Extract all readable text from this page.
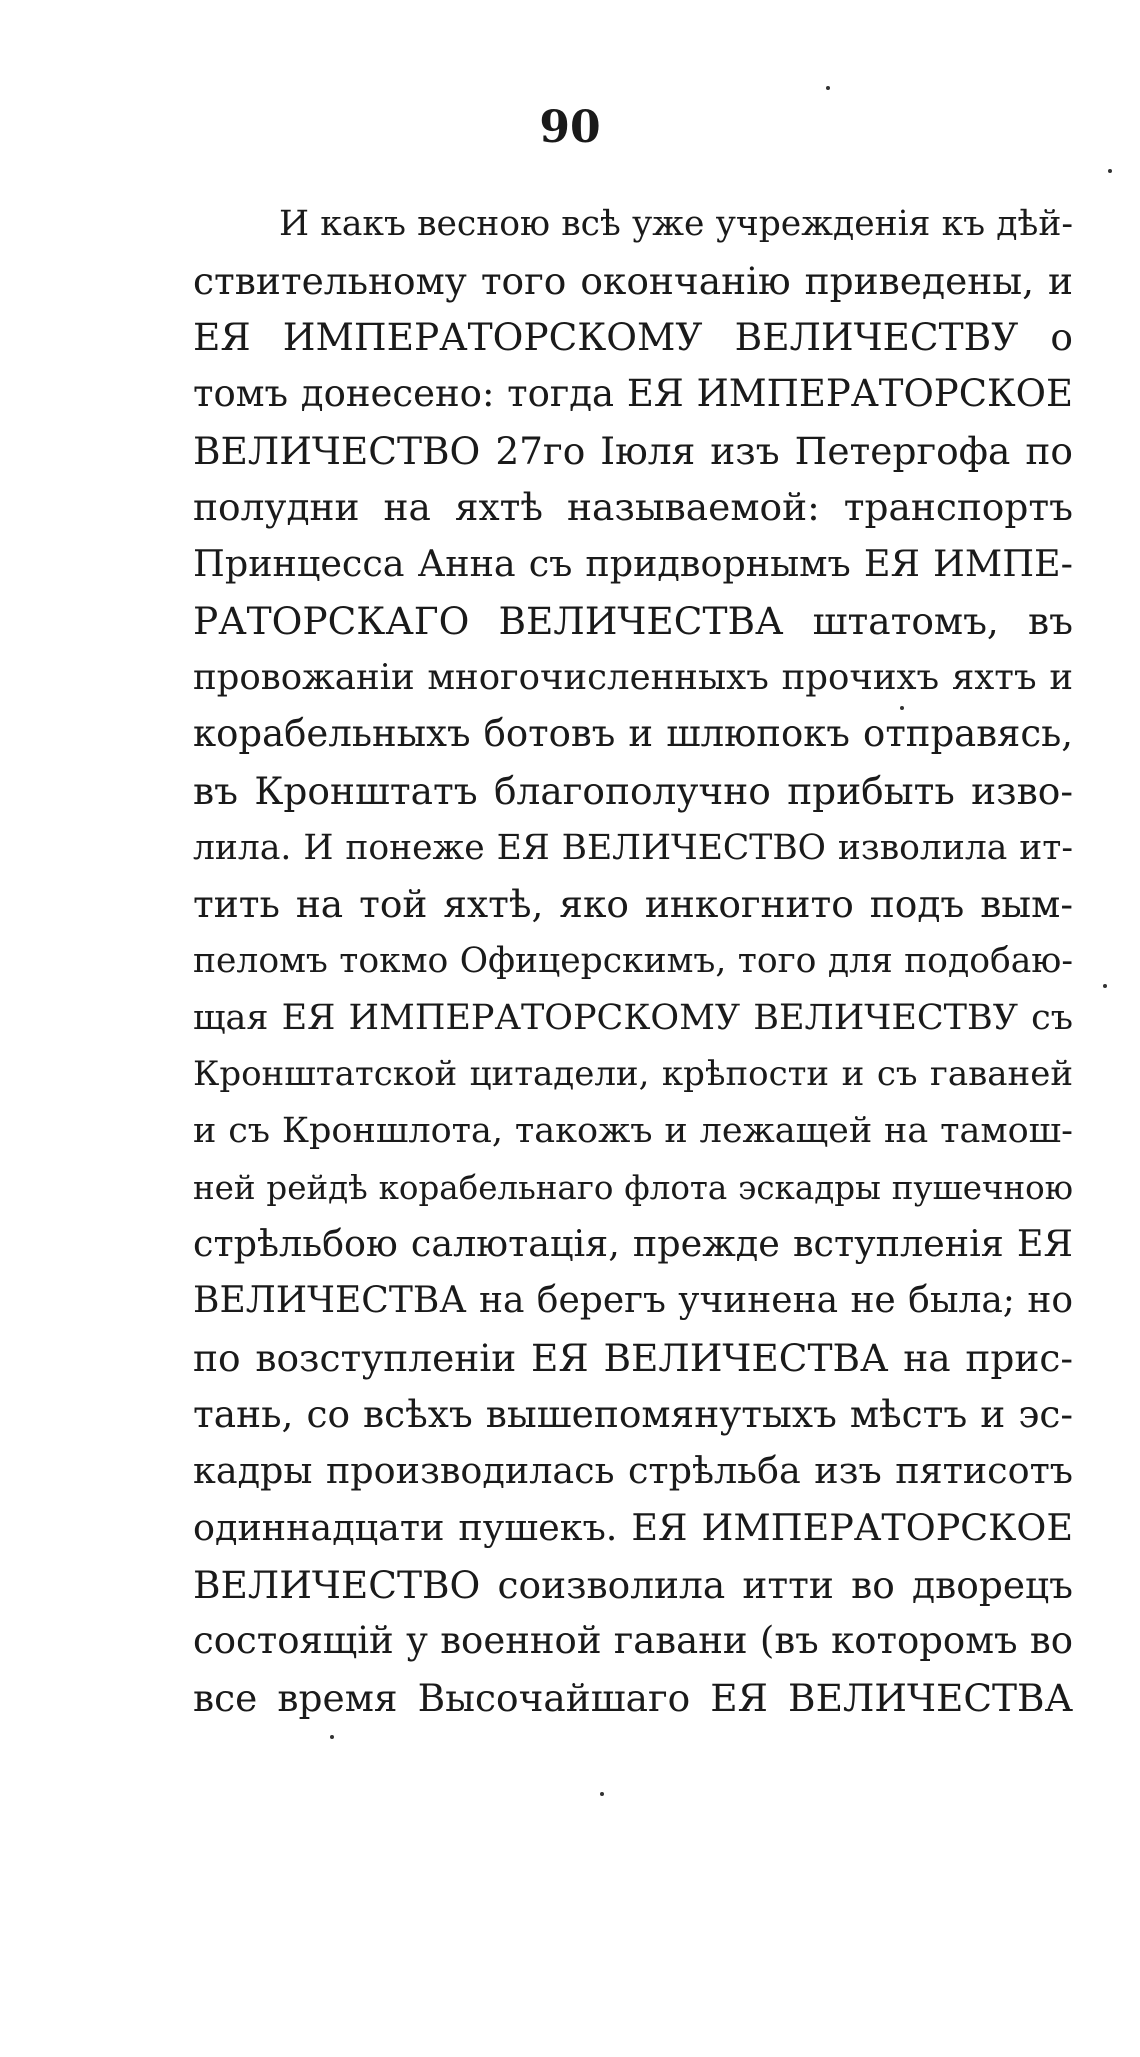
90
И какъ весною всѣ уже учрежденія къ дѣй-
ствительному того окончанію приведены, и
ЕЯ ИМПЕРАТОРСКОМУ ВЕЛИЧЕСТВУ о
томъ донесено: тогда ЕЯ ИМПЕРАТОРСКОЕ
ВЕЛИЧЕСТВО 27го Іюля изъ Петергофа по
полудни на яхтѣ называемой: транспортъ
Принцесса Анна съ придворнымъ ЕЯ ИМПЕ-
РАТОРСКАГО ВЕЛИЧЕСТВА штатомъ, въ
провожаніи многочисленныхъ прочихъ яхтъ и
корабельныхъ ботовъ и шлюпокъ отправясь,
въ Кронштатъ благополучно прибыть изво-
лила. И понеже ЕЯ ВЕЛИЧЕСТВО изволила ит-
тить на той яхтѣ, яко инкогнито подъ вым-
пеломъ токмо Офицерскимъ, того для подобаю-
щая ЕЯ ИМПЕРАТОРСКОМУ ВЕЛИЧЕСТВУ съ
Кронштатской цитадели, крѣпости и съ гаваней
и съ Кроншлота, такожъ и лежащей на тамош-
ней рейдѣ корабельнаго флота эскадры пушечною
стрѣльбою салютація, прежде вступленія ЕЯ
ВЕЛИЧЕСТВА на берегъ учинена не была; но
по возступленіи ЕЯ ВЕЛИЧЕСТВА на прис-
тань, со всѣхъ вышепомянутыхъ мѣстъ и эс-
кадры производилась стрѣльба изъ пятисотъ
одиннадцати пушекъ. ЕЯ ИМПЕРАТОРСКОЕ
ВЕЛИЧЕСТВО соизволила итти во дворецъ
состоящій у военной гавани (въ которомъ во
все время Высочайшаго ЕЯ ВЕЛИЧЕСТВА
